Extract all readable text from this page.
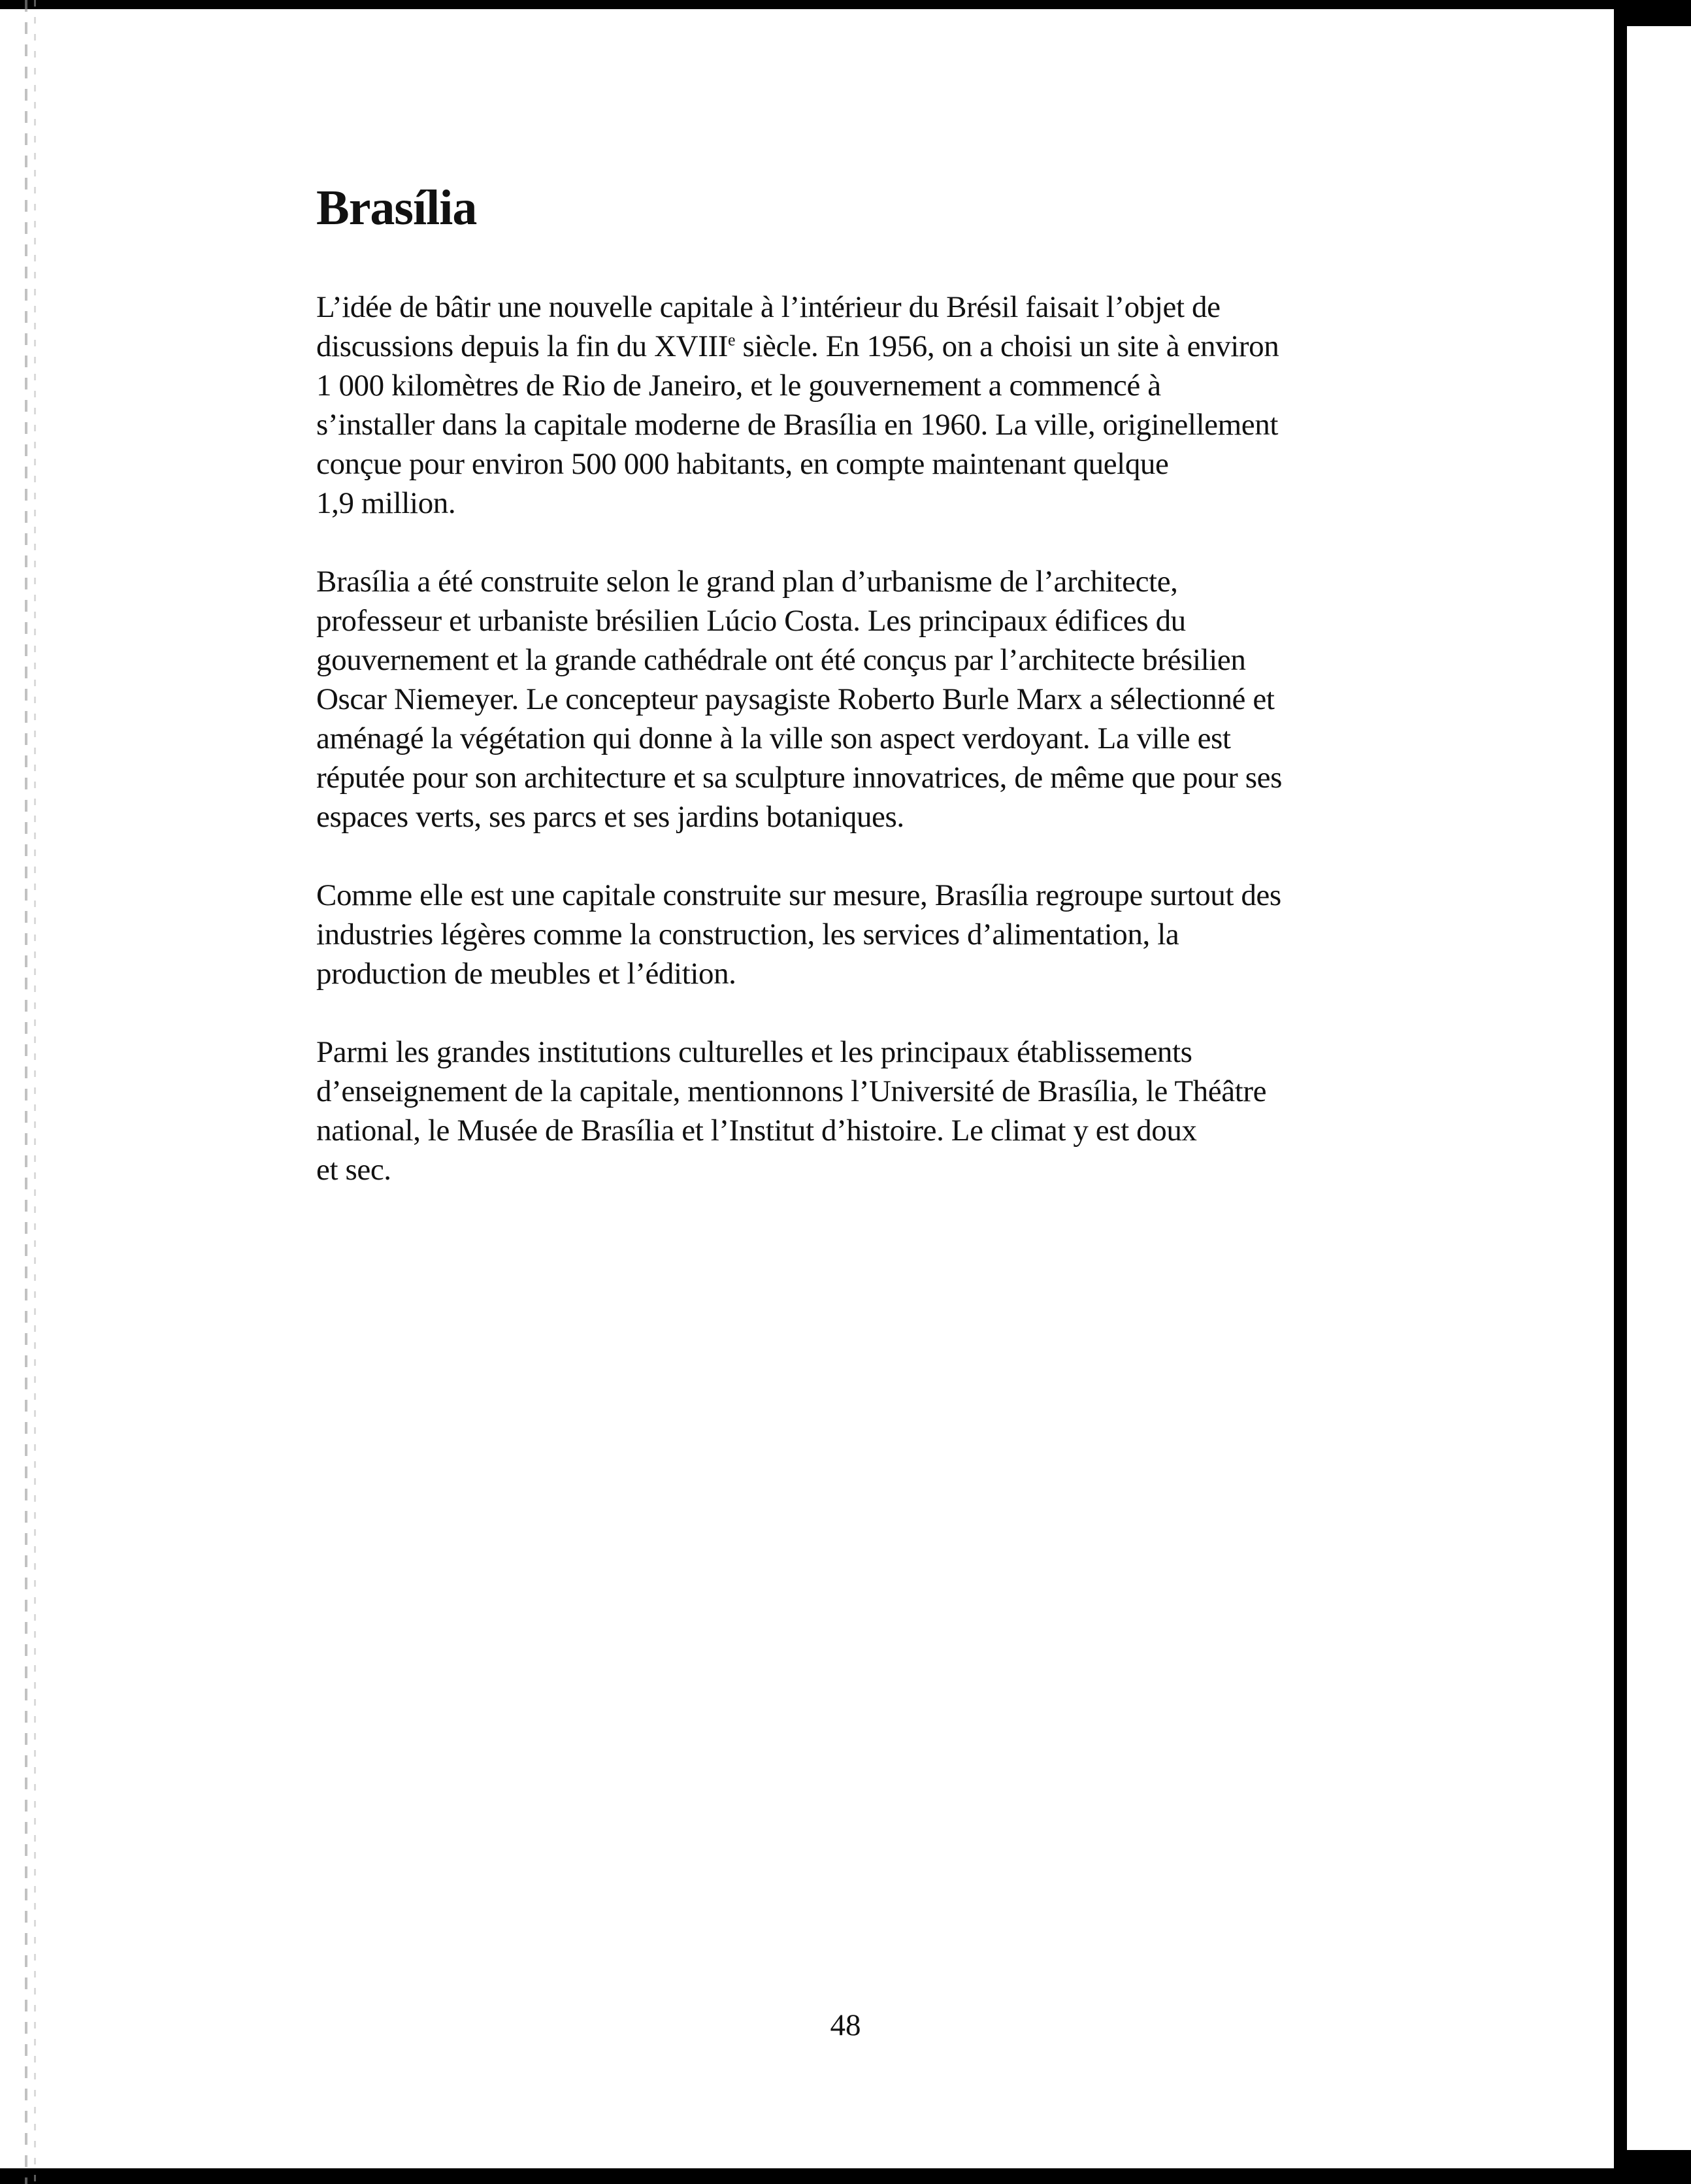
Brasília

L’idée de bâtir une nouvelle capitale à l’intérieur du Brésil faisait l’objet de
discussions depuis la fin du XVIIIe siècle. En 1956, on a choisi un site à environ
1 000 kilomètres de Rio de Janeiro, et le gouvernement a commencé à
s’installer dans la capitale moderne de Brasília en 1960. La ville, originellement
conçue pour environ 500 000 habitants, en compte maintenant quelque
1,9 million.

Brasília a été construite selon le grand plan d’urbanisme de l’architecte,
professeur et urbaniste brésilien Lúcio Costa. Les principaux édifices du
gouvernement et la grande cathédrale ont été conçus par l’architecte brésilien
Oscar Niemeyer. Le concepteur paysagiste Roberto Burle Marx a sélectionné et
aménagé la végétation qui donne à la ville son aspect verdoyant. La ville est
réputée pour son architecture et sa sculpture innovatrices, de même que pour ses
espaces verts, ses parcs et ses jardins botaniques.

Comme elle est une capitale construite sur mesure, Brasília regroupe surtout des
industries légères comme la construction, les services d’alimentation, la
production de meubles et l’édition.

Parmi les grandes institutions culturelles et les principaux établissements
d’enseignement de la capitale, mentionnons l’Université de Brasília, le Théâtre
national, le Musée de Brasília et l’Institut d’histoire. Le climat y est doux
et sec.

48
